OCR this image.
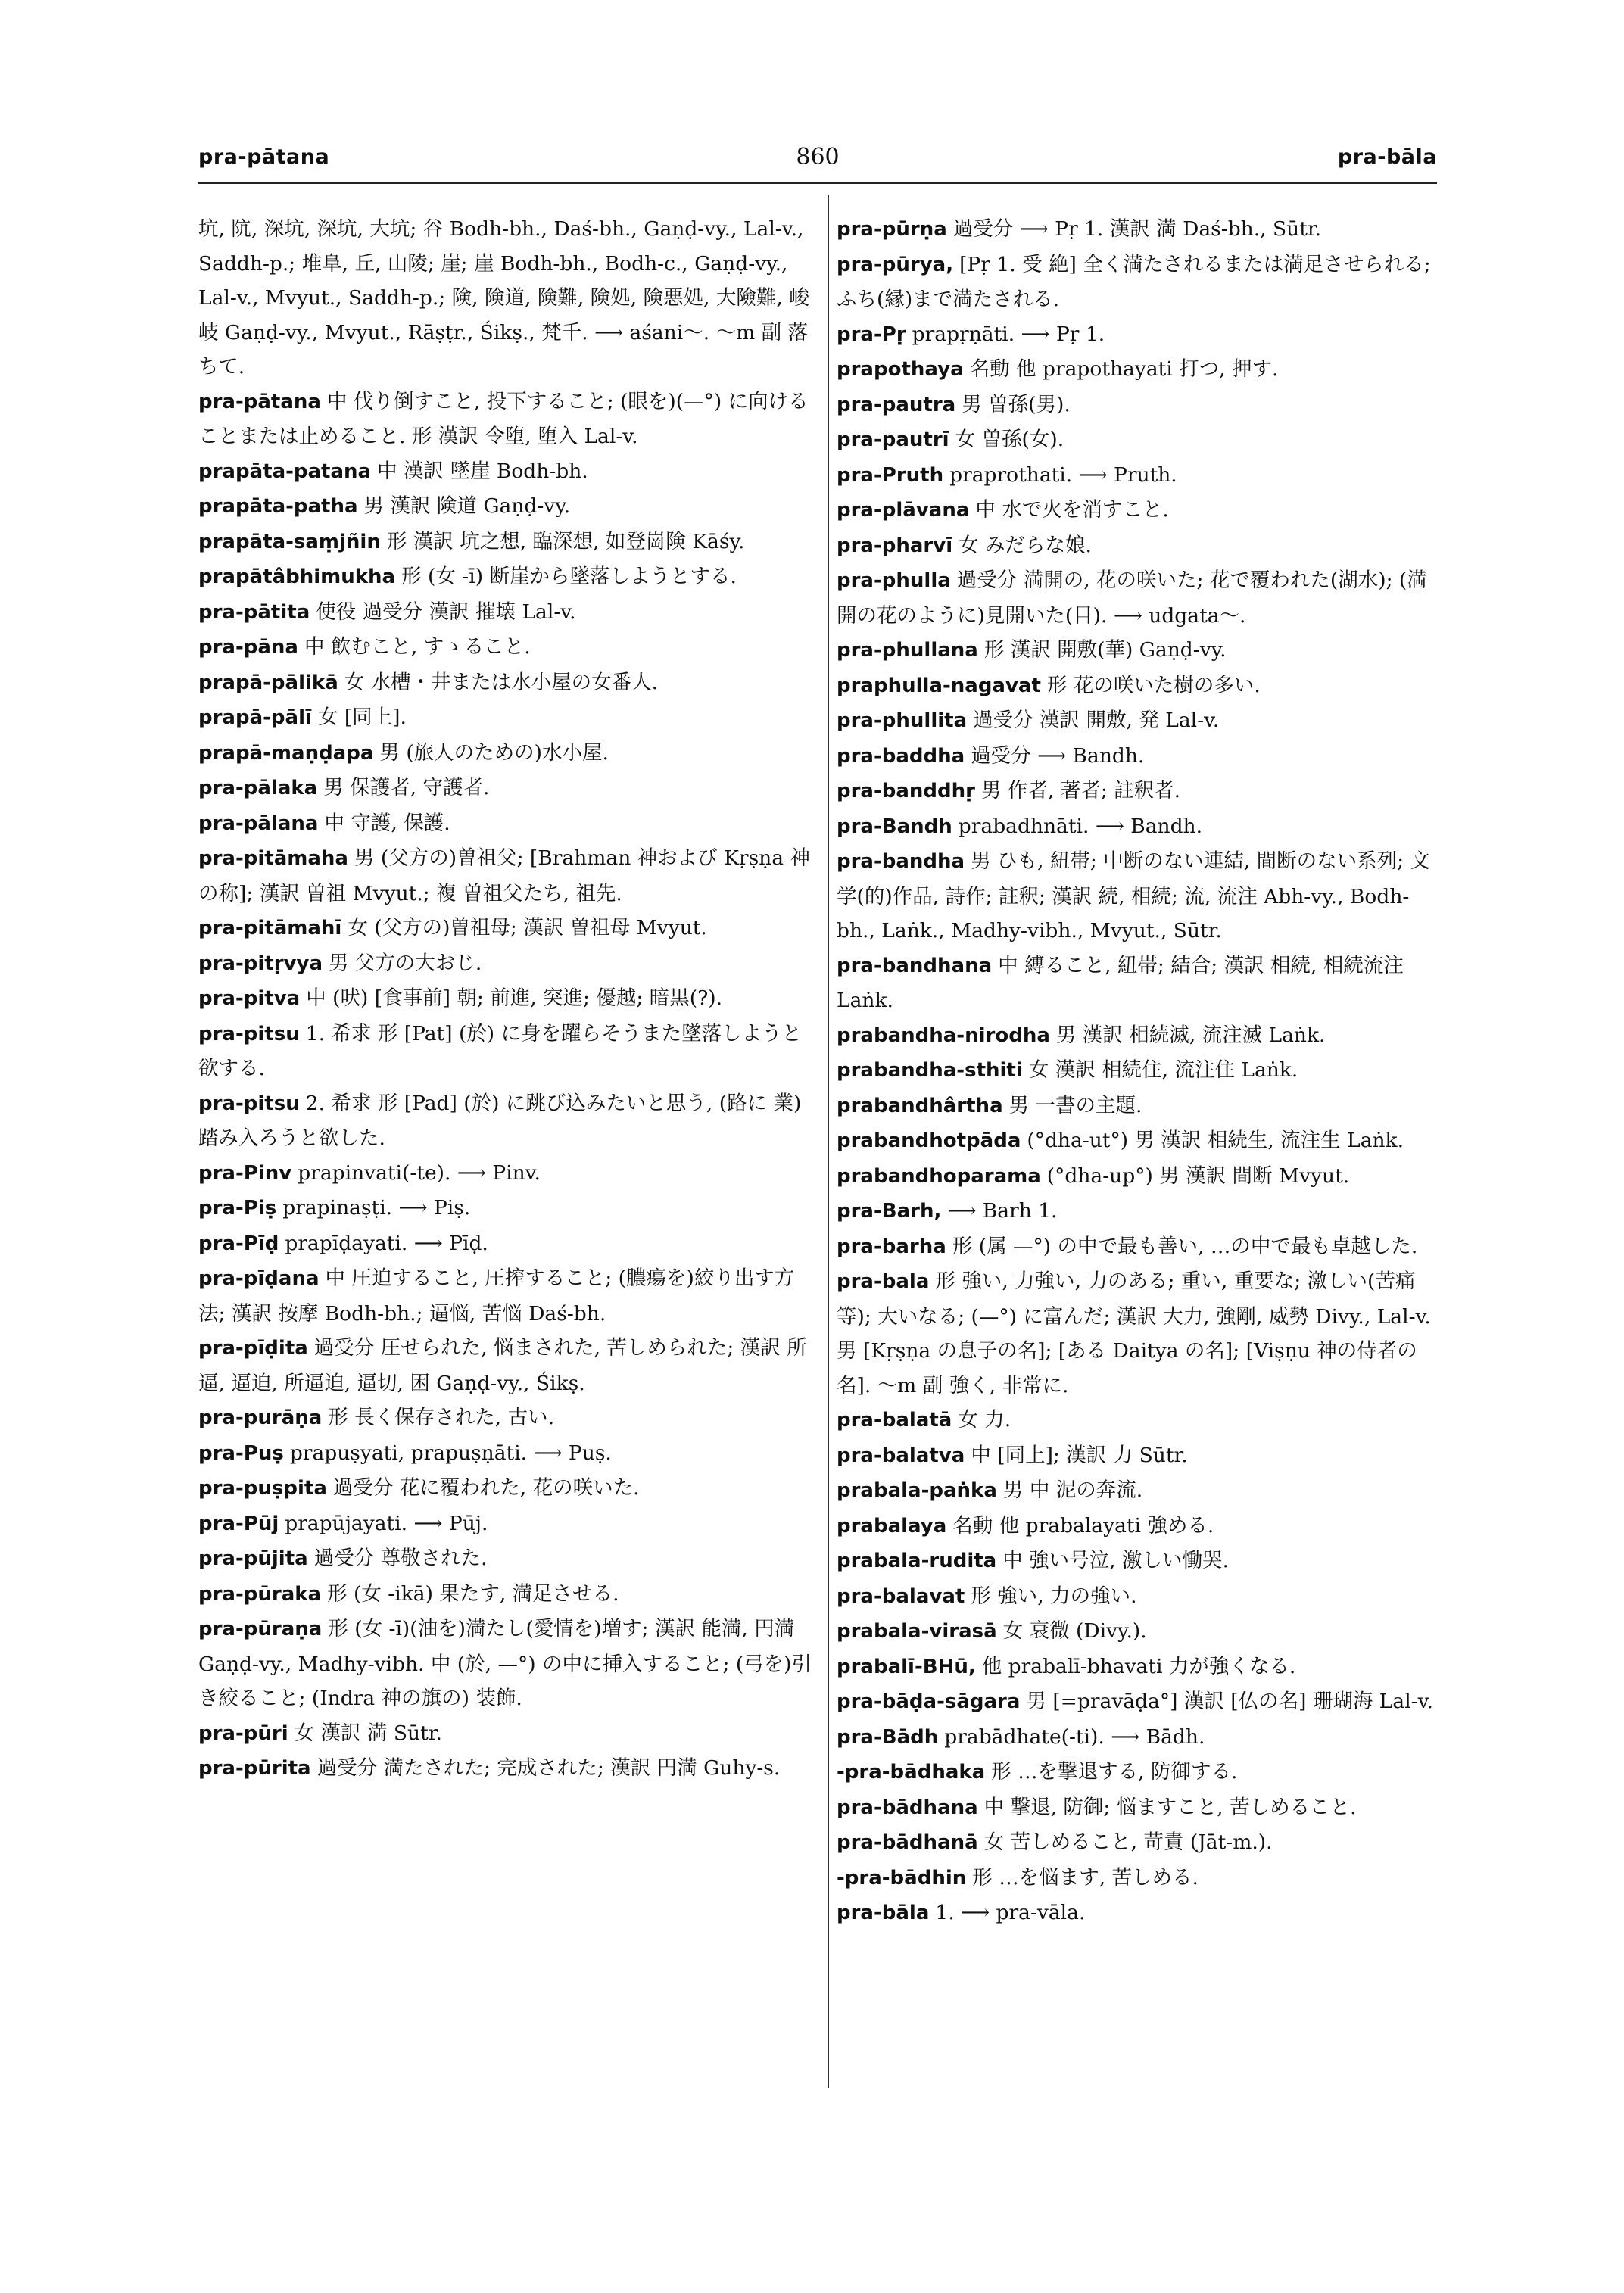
pra-pātana	860	pra-bāla

坑, 阬, 深坑, 深坑, 大坑; 谷 Bodh-bh., Daś-bh., Gaṇḍ-vy., Lal-v., Saddh-p.; 堆阜, 丘, 山陵; 崖; 崖 Bodh-bh., Bodh-c., Gaṇḍ-vy., Lal-v., Mvyut., Saddh-p.; 険, 険道, 険難, 険処, 険悪処, 大險難, 峻岐 Gaṇḍ-vy., Mvyut., Rāṣṭr., Śikṣ., 梵千. ⟶ aśani～. ～m 副 落ちて.

pra-pātana 中 伐り倒すこと, 投下すること; (眼を)(—°) に向けることまたは止めること. 形 漢訳 令堕, 堕入 Lal-v.

prapāta-patana 中 漢訳 墜崖 Bodh-bh.

prapāta-patha 男 漢訳 険道 Gaṇḍ-vy.

prapāta-saṃjñin 形 漢訳 坑之想, 臨深想, 如登崗険 Kāśy.

prapātâbhimukha 形 (女 -ī) 断崖から墜落しようとする.

pra-pātita 使役 過受分 漢訳 摧壊 Lal-v.

pra-pāna 中 飲むこと, すゝること.

prapā-pālikā 女 水槽・井または水小屋の女番人.

prapā-pālī 女 [同上].

prapā-maṇḍapa 男 (旅人のための)水小屋.

pra-pālaka 男 保護者, 守護者.

pra-pālana 中 守護, 保護.

pra-pitāmaha 男 (父方の)曽祖父; [Brahman 神および Kṛṣṇa 神の称]; 漢訳 曽祖 Mvyut.; 複 曽祖父たち, 祖先.

pra-pitāmahī 女 (父方の)曽祖母; 漢訳 曽祖母 Mvyut.

pra-pitṛvya 男 父方の大おじ.

pra-pitva 中 (吠) [食事前] 朝; 前進, 突進; 優越; 暗黒(?).

pra-pitsu 1. 希求 形 [Pat] (於) に身を躍らそうまた墜落しようと欲する.

pra-pitsu 2. 希求 形 [Pad] (於) に跳び込みたいと思う, (路に 業) 踏み入ろうと欲した.

pra-Pinv prapinvati(-te). ⟶ Pinv.

pra-Piṣ prapinaṣṭi. ⟶ Piṣ.

pra-Pīḍ prapīḍayati. ⟶ Pīḍ.

pra-pīḍana 中 圧迫すること, 圧搾すること; (膿瘍を)絞り出す方法; 漢訳 按摩 Bodh-bh.; 逼悩, 苦悩 Daś-bh.

pra-pīḍita 過受分 圧せられた, 悩まされた, 苦しめられた; 漢訳 所逼, 逼迫, 所逼迫, 逼切, 困 Gaṇḍ-vy., Śikṣ.

pra-purāṇa 形 長く保存された, 古い.

pra-Puṣ prapuṣyati, prapuṣṇāti. ⟶ Puṣ.

pra-puṣpita 過受分 花に覆われた, 花の咲いた.

pra-Pūj prapūjayati. ⟶ Pūj.

pra-pūjita 過受分 尊敬された.

pra-pūraka 形 (女 -ikā) 果たす, 満足させる.

pra-pūraṇa 形 (女 -ī)(油を)満たし(愛情を)増す; 漢訳 能満, 円満 Gaṇḍ-vy., Madhy-vibh. 中 (於, —°) の中に挿入すること; (弓を)引き絞ること; (Indra 神の旗の) 装飾.

pra-pūri 女 漢訳 満 Sūtr.

pra-pūrita 過受分 満たされた; 完成された; 漢訳 円満 Guhy-s.

pra-pūrṇa 過受分 ⟶ Pṛ 1. 漢訳 満 Daś-bh., Sūtr.

pra-pūrya, [Pṛ 1. 受 絶] 全く満たされるまたは満足させられる; ふち(縁)まで満たされる.

pra-Pṛ prapṛṇāti. ⟶ Pṛ 1.

prapothaya 名動 他 prapothayati 打つ, 押す.

pra-pautra 男 曽孫(男).

pra-pautrī 女 曽孫(女).

pra-Pruth praprothati. ⟶ Pruth.

pra-plāvana 中 水で火を消すこと.

pra-pharvī 女 みだらな娘.

pra-phulla 過受分 満開の, 花の咲いた; 花で覆われた(湖水); (満開の花のように)見開いた(目). ⟶ udgata～.

pra-phullana 形 漢訳 開敷(華) Gaṇḍ-vy.

praphulla-nagavat 形 花の咲いた樹の多い.

pra-phullita 過受分 漢訳 開敷, 発 Lal-v.

pra-baddha 過受分 ⟶ Bandh.

pra-banddhṛ 男 作者, 著者; 註釈者.

pra-Bandh prabadhnāti. ⟶ Bandh.

pra-bandha 男 ひも, 紐帯; 中断のない連結, 間断のない系列; 文学(的)作品, 詩作; 註釈; 漢訳 続, 相続; 流, 流注 Abh-vy., Bodh-bh., Laṅk., Madhy-vibh., Mvyut., Sūtr.

pra-bandhana 中 縛ること, 紐帯; 結合; 漢訳 相続, 相続流注 Laṅk.

prabandha-nirodha 男 漢訳 相続滅, 流注滅 Laṅk.

prabandha-sthiti 女 漢訳 相続住, 流注住 Laṅk.

prabandhârtha 男 一書の主題.

prabandhotpāda (°dha-ut°) 男 漢訳 相続生, 流注生 Laṅk.

prabandhoparama (°dha-up°) 男 漢訳 間断 Mvyut.

pra-Barh, ⟶ Barh 1.

pra-barha 形 (属 —°) の中で最も善い, …の中で最も卓越した.

pra-bala 形 強い, 力強い, 力のある; 重い, 重要な; 激しい(苦痛等); 大いなる; (—°) に富んだ; 漢訳 大力, 強剛, 威勢 Divy., Lal-v. 男 [Kṛṣṇa の息子の名]; [ある Daitya の名]; [Viṣṇu 神の侍者の名]. ～m 副 強く, 非常に.

pra-balatā 女 力.

pra-balatva 中 [同上]; 漢訳 力 Sūtr.

prabala-paṅka 男 中 泥の奔流.

prabalaya 名動 他 prabalayati 強める.

prabala-rudita 中 強い号泣, 激しい慟哭.

pra-balavat 形 強い, 力の強い.

prabala-virasā 女 衰微 (Divy.).

prabalī-BHū, 他 prabalī-bhavati 力が強くなる.

pra-bāḍa-sāgara 男 [=pravāḍa°] 漢訳 [仏の名] 珊瑚海 Lal-v.

pra-Bādh prabādhate(-ti). ⟶ Bādh.

-pra-bādhaka 形 …を撃退する, 防御する.

pra-bādhana 中 撃退, 防御; 悩ますこと, 苦しめること.

pra-bādhanā 女 苦しめること, 苛責 (Jāt-m.).

-pra-bādhin 形 …を悩ます, 苦しめる.

pra-bāla 1. ⟶ pra-vāla.
